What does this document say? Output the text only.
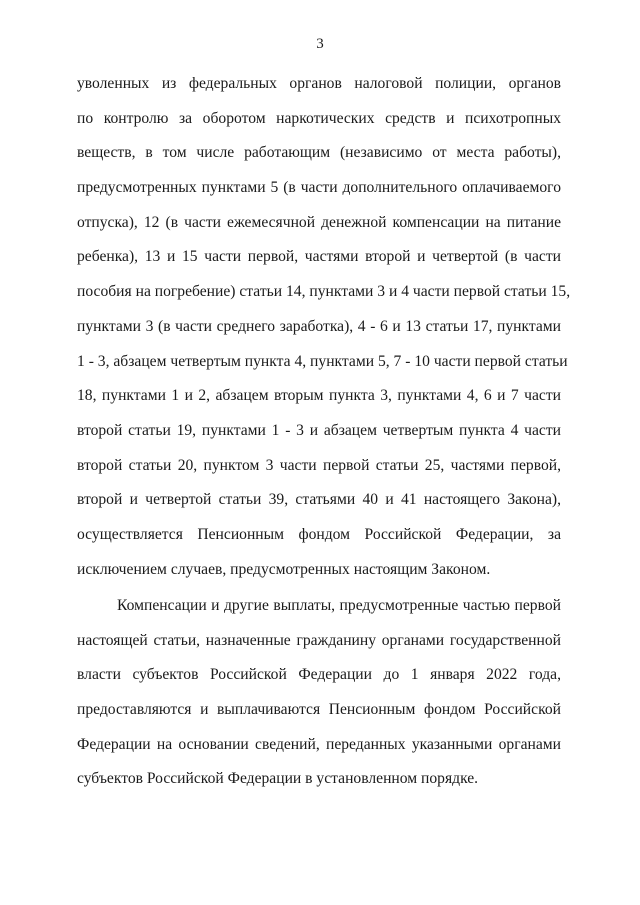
3
уволенных из федеральных органов налоговой полиции, органов
по контролю за оборотом наркотических средств и психотропных
веществ, в том числе работающим (независимо от места работы),
предусмотренных пунктами 5 (в части дополнительного оплачиваемого
отпуска), 12 (в части ежемесячной денежной компенсации на питание
ребенка), 13 и 15 части первой, частями второй и четвертой (в части
пособия на погребение) статьи 14, пунктами 3 и 4 части первой статьи 15,
пунктами 3 (в части среднего заработка), 4 - 6 и 13 статьи 17, пунктами
1 - 3, абзацем четвертым пункта 4, пунктами 5, 7 - 10 части первой статьи
18, пунктами 1 и 2, абзацем вторым пункта 3, пунктами 4, 6 и 7 части
второй статьи 19, пунктами 1 - 3 и абзацем четвертым пункта 4 части
второй статьи 20, пунктом 3 части первой статьи 25, частями первой,
второй и четвертой статьи 39, статьями 40 и 41 настоящего Закона),
осуществляется Пенсионным фондом Российской Федерации, за
исключением случаев, предусмотренных настоящим Законом.
Компенсации и другие выплаты, предусмотренные частью первой
настоящей статьи, назначенные гражданину органами государственной
власти субъектов Российской Федерации до 1 января 2022 года,
предоставляются и выплачиваются Пенсионным фондом Российской
Федерации на основании сведений, переданных указанными органами
субъектов Российской Федерации в установленном порядке.
